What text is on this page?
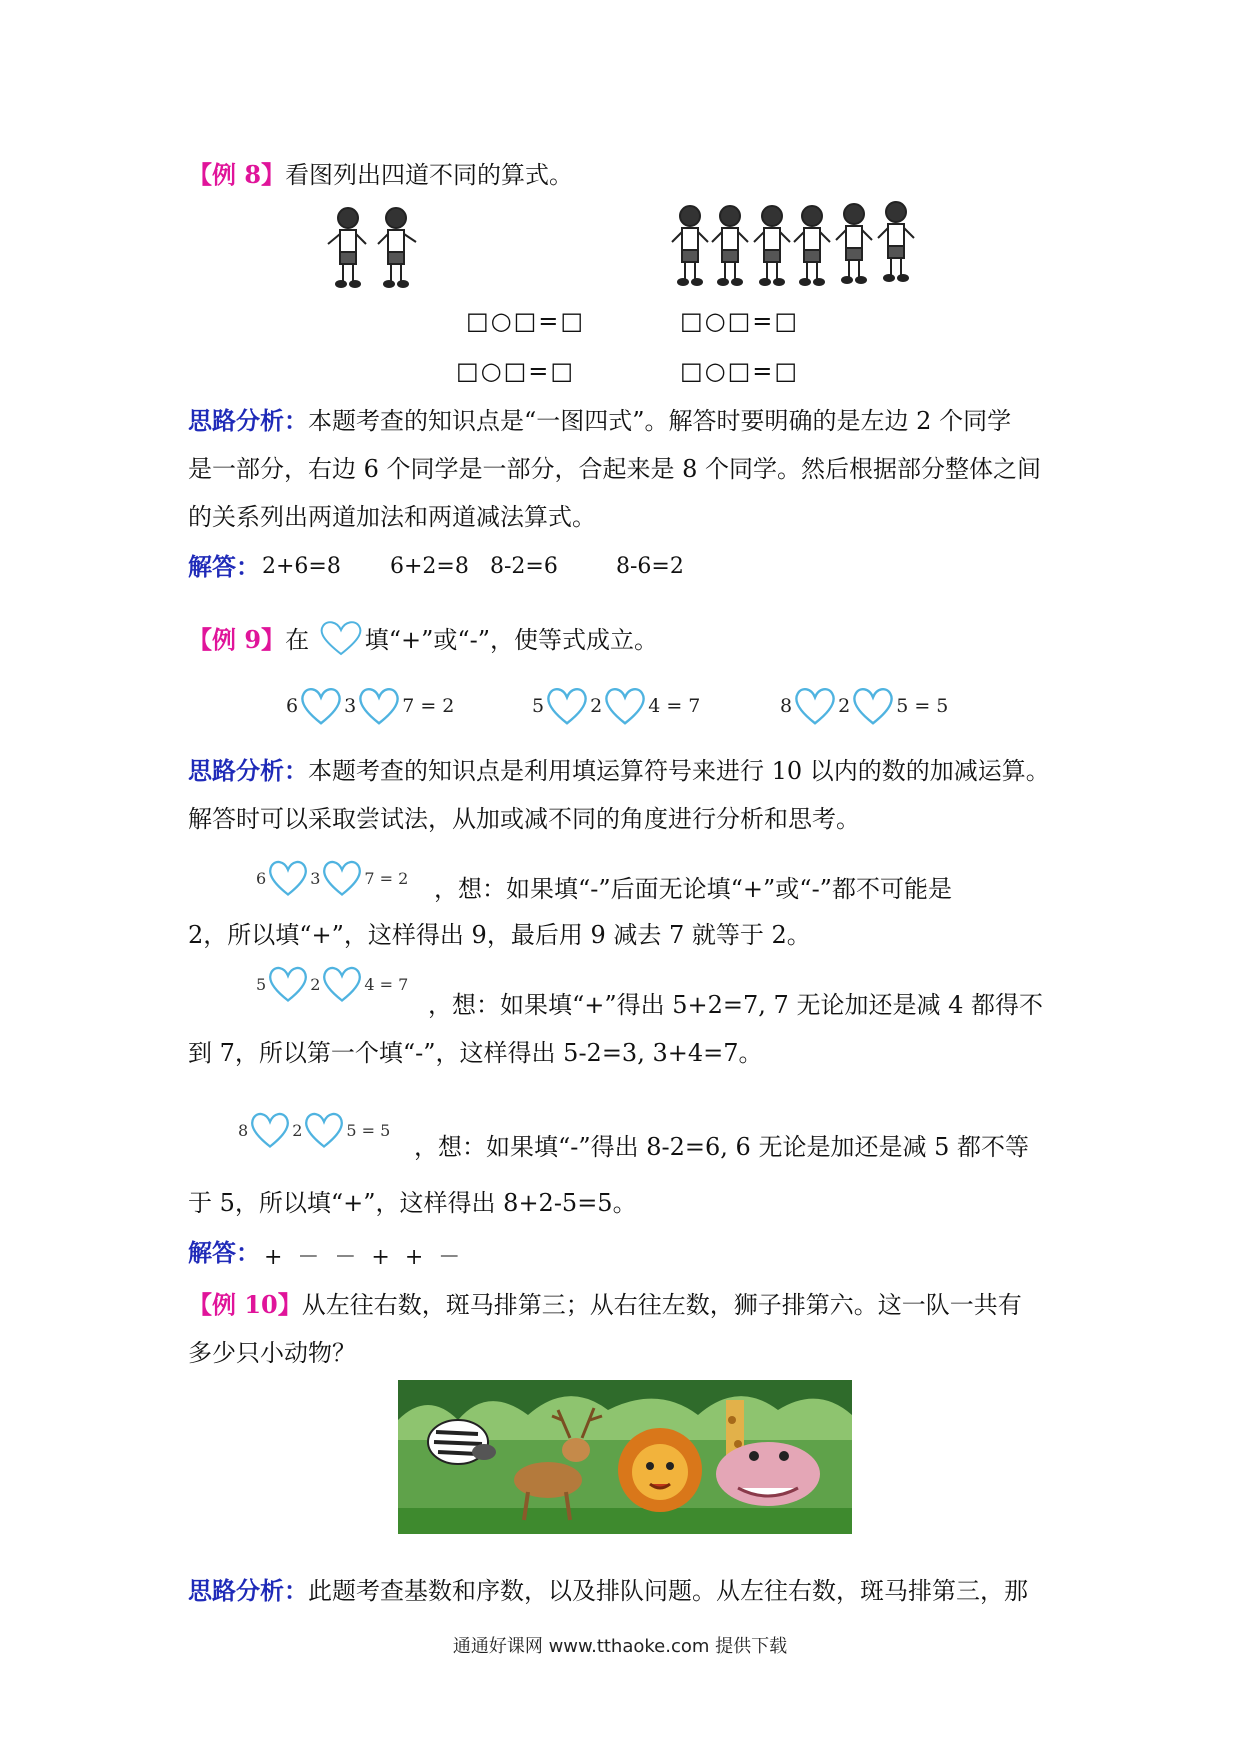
【例 8】看图列出四道不同的算式。
□○□=□	□○□=□
□○□=□	□○□=□
思路分析：本题考查的知识点是“一图四式”。解答时要明确的是左边 2 个同学
是一部分，右边 6 个同学是一部分，合起来是 8 个同学。然后根据部分整体之间
的关系列出两道加法和两道减法算式。
解答： 2+6=8 6+2=8 8-2=6	8-6=2
【例 9】在 填“+”或“-”，使等式成立。
6 3 7 = 2	5 2 4 = 7	8 2 5 = 5
思路分析：本题考查的知识点是利用填运算符号来进行 10 以内的数的加减运算。
解答时可以采取尝试法，从加或减不同的角度进行分析和思考。
6	3	7 = 2 ，想：如果填“-”后面无论填“+”或“-”都不可能是
2，所以填“+”，这样得出 9，最后用 9 减去 7 就等于 2。
5	2	4 = 7
，想：如果填“+”得出 5+2=7, 7 无论加还是减 4 都得不
到 7，所以第一个填“-”，这样得出 5-2=3, 3+4=7。
8	2	5 = 5
，想：如果填“-”得出 8-2=6, 6 无论是加还是减 5 都不等
于 5，所以填“+”，这样得出 8+2-5=5。
解答： + － － + + －
【例 10】从左往右数，斑马排第三；从右往左数，狮子排第六。这一队一共有
多少只小动物？
思路分析：此题考查基数和序数，以及排队问题。从左往右数，斑马排第三，那
通通好课网 www.tthaoke.com 提供下载
